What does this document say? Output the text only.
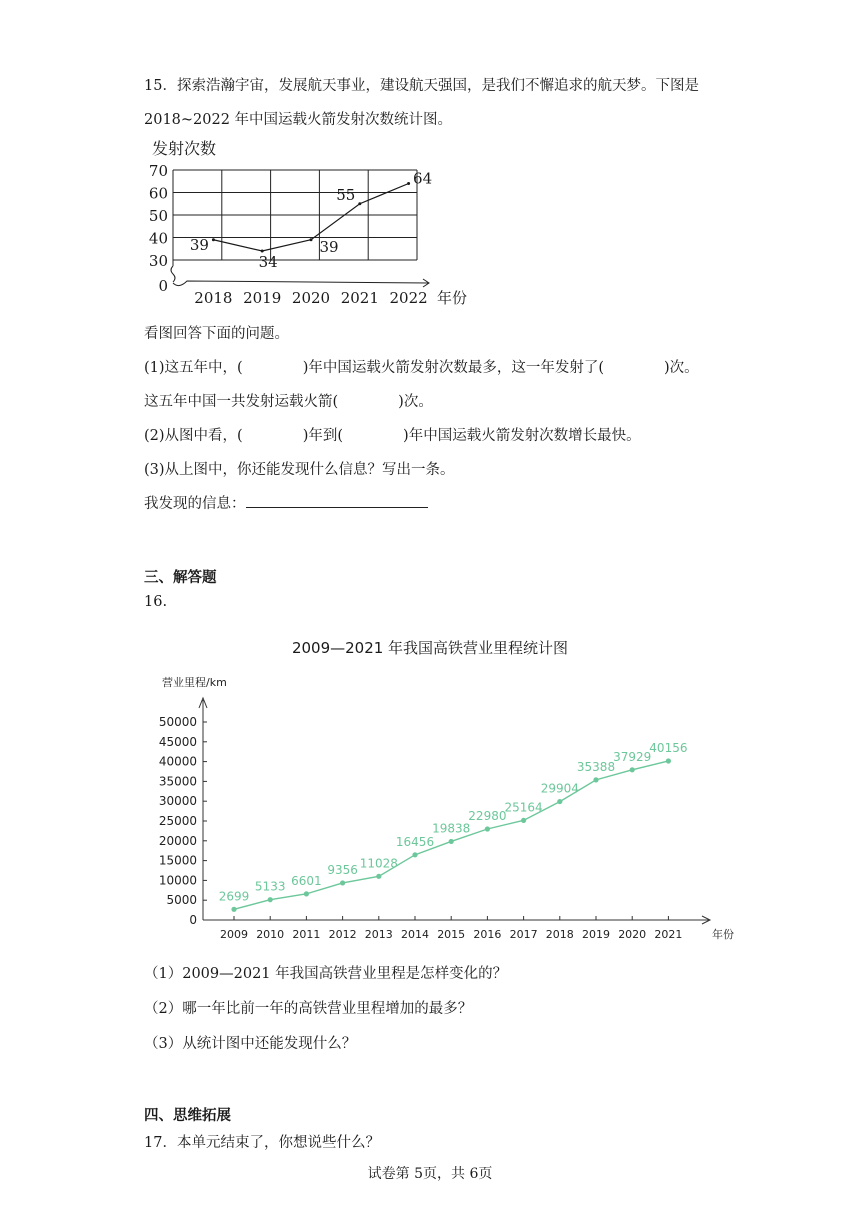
15．探索浩瀚宇宙，发展航天事业，建设航天强国，是我们不懈追求的航天梦。下图是
2018~2022 年中国运载火箭发射次数统计图。
发射次数
0
30
40
50
60
70
2018 2019 2020 2021 2022 年份
39
34
39
55
64
看图回答下面的问题。
(1)这五年中，(	)年中国运载火箭发射次数最多，这一年发射了(	)次。
这五年中国一共发射运载火箭(	)次。
(2)从图中看，(	)年到(	)年中国运载火箭发射次数增长最快。
(3)从上图中，你还能发现什么信息？写出一条。
我发现的信息：
三、解答题
16.
2009—2021 年我国高铁营业里程统计图
营业里程/km
0
5000
10000
15000
20000
25000
30000
35000
40000
45000
50000
2009 2010 2011 2012 2013 2014 2015 2016 2017 2018 2019 2020 2021	年份
2699
5133 6601
9356 11028
16456
19838
22980
25164
29904
35388
37929
40156
（1）2009—2021 年我国高铁营业里程是怎样变化的？
（2）哪一年比前一年的高铁营业里程增加的最多？
（3）从统计图中还能发现什么？
四、思维拓展
17．本单元结束了，你想说些什么？
试卷第 5页，共 6页
